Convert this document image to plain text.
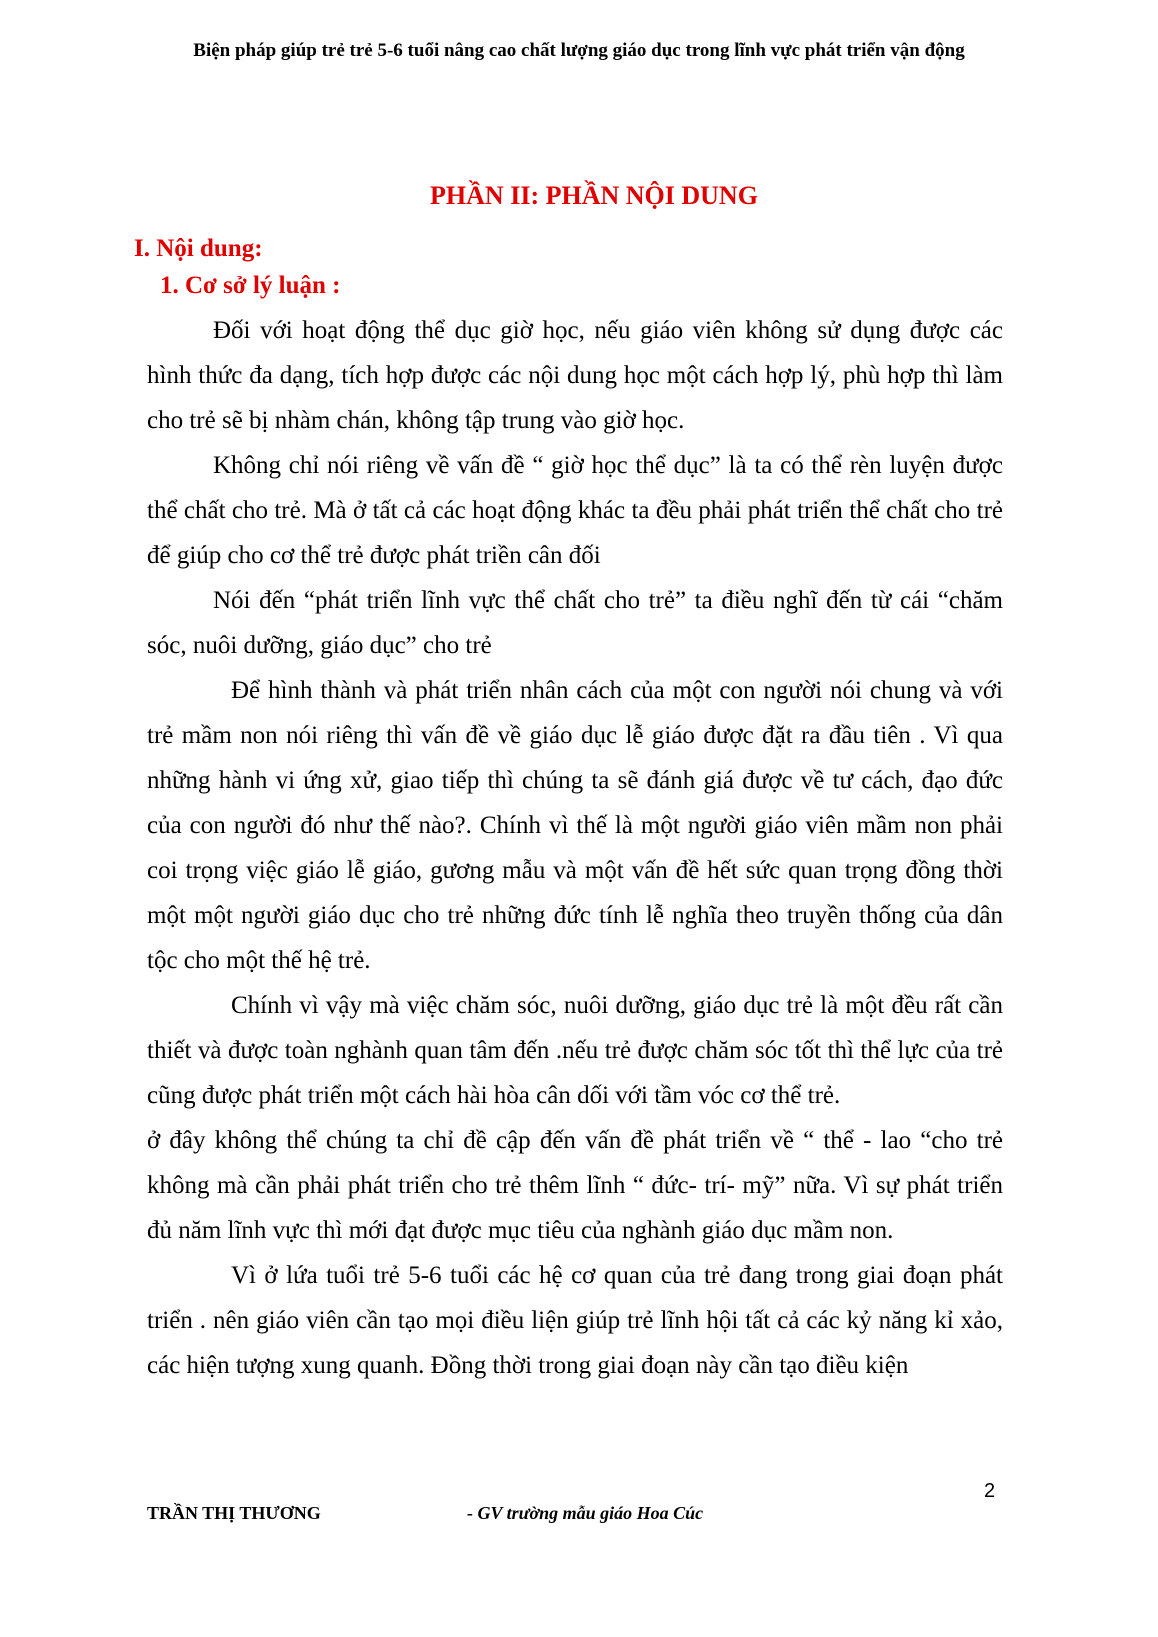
Biện pháp giúp trẻ trẻ 5-6 tuổi nâng cao chất lượng giáo dục trong lĩnh vực phát triển vận động
PHẦN II: PHẦN NỘI DUNG
I. Nội dung:
1. Cơ sở lý luận :

Đối với hoạt động thể dục giờ học, nếu giáo viên không sử dụng được các hình thức đa dạng, tích hợp được các nội dung học một cách hợp lý, phù hợp thì làm cho trẻ sẽ bị nhàm chán, không tập trung vào giờ học.

Không chỉ nói riêng về vấn đề “ giờ học thể dục” là ta có thể rèn luyện được thể chất cho trẻ. Mà ở tất cả các hoạt động khác ta đều phải phát triển thể chất cho trẻ để giúp cho cơ thể trẻ được phát triền cân đối

Nói đến “phát triển lĩnh vực thể chất cho trẻ” ta điều nghĩ đến từ cái “chăm sóc, nuôi dưỡng, giáo dục” cho trẻ

Để hình thành và phát triển nhân cách của một con người nói chung và với trẻ mầm non nói riêng thì vấn đề về giáo dục lễ giáo được đặt ra đầu tiên . Vì qua những hành vi ứng xử, giao tiếp thì chúng ta sẽ đánh giá được về tư cách, đạo đức của con người đó như thế nào?. Chính vì thế là một người giáo viên mầm non phải coi trọng việc giáo lễ giáo, gương mẫu và một vấn đề hết sức quan trọng đồng thời một một người giáo dục cho trẻ những đức tính lễ nghĩa theo truyền thống của dân tộc cho một thế hệ trẻ.

Chính vì vậy mà việc chăm sóc, nuôi dưỡng, giáo dục trẻ là một đều rất cần thiết và được toàn nghành quan tâm đến .nếu trẻ được chăm sóc tốt thì thể lực của trẻ cũng được phát triển một cách hài hòa cân dối với tầm vóc cơ thể trẻ.

ở đây không thể chúng ta chỉ đề cập đến vấn đề phát triển về “ thể - lao “cho trẻ không mà cần phải phát triển cho trẻ thêm lĩnh “ đức- trí- mỹ” nữa. Vì sự phát triển đủ năm lĩnh vực thì mới đạt được mục tiêu của nghành giáo dục mầm non.

Vì ở lứa tuổi trẻ 5-6 tuổi các hệ cơ quan của trẻ đang trong giai đoạn phát triển . nên giáo viên cần tạo mọi điều liện giúp trẻ lĩnh hội tất cả các kỷ năng kỉ xảo, các hiện tượng xung quanh. Đồng thời trong giai đoạn này cần tạo điều kiện

2
TRẦN THỊ THƯƠNG	- GV trường mẫu giáo Hoa Cúc
